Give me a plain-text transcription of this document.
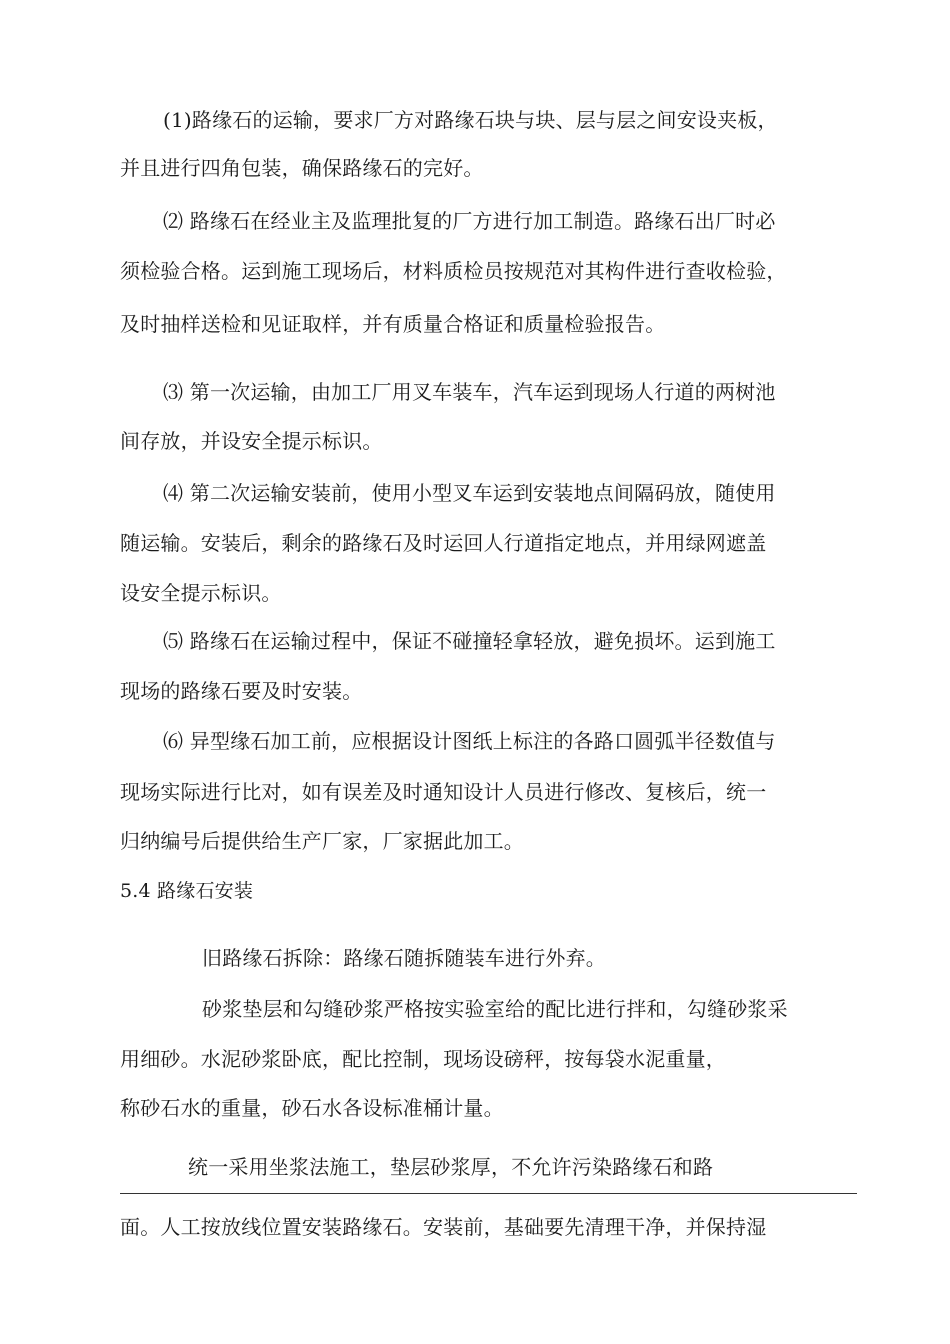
(1)路缘石的运输，要求厂方对路缘石块与块、层与层之间安设夹板，
并且进行四角包装，确保路缘石的完好。
⑵ 路缘石在经业主及监理批复的厂方进行加工制造。路缘石出厂时必
须检验合格。运到施工现场后，材料质检员按规范对其构件进行查收检验，
及时抽样送检和见证取样，并有质量合格证和质量检验报告。
⑶ 第一次运输，由加工厂用叉车装车，汽车运到现场人行道的两树池
间存放，并设安全提示标识。
⑷ 第二次运输安装前，使用小型叉车运到安装地点间隔码放，随使用
随运输。安装后，剩余的路缘石及时运回人行道指定地点，并用绿网遮盖
设安全提示标识。
⑸ 路缘石在运输过程中，保证不碰撞轻拿轻放，避免损坏。运到施工
现场的路缘石要及时安装。
⑹ 异型缘石加工前，应根据设计图纸上标注的各路口圆弧半径数值与
现场实际进行比对，如有误差及时通知设计人员进行修改、复核后，统一
归纳编号后提供给生产厂家，厂家据此加工。
5.4 路缘石安装
旧路缘石拆除：路缘石随拆随装车进行外弃。
砂浆垫层和勾缝砂浆严格按实验室给的配比进行拌和，勾缝砂浆采
用细砂。水泥砂浆卧底，配比控制，现场设磅秤，按每袋水泥重量，
称砂石水的重量，砂石水各设标准桶计量。
统一采用坐浆法施工，垫层砂浆厚，不允许污染路缘石和路
面。人工按放线位置安装路缘石。安装前，基础要先清理干净，并保持湿
